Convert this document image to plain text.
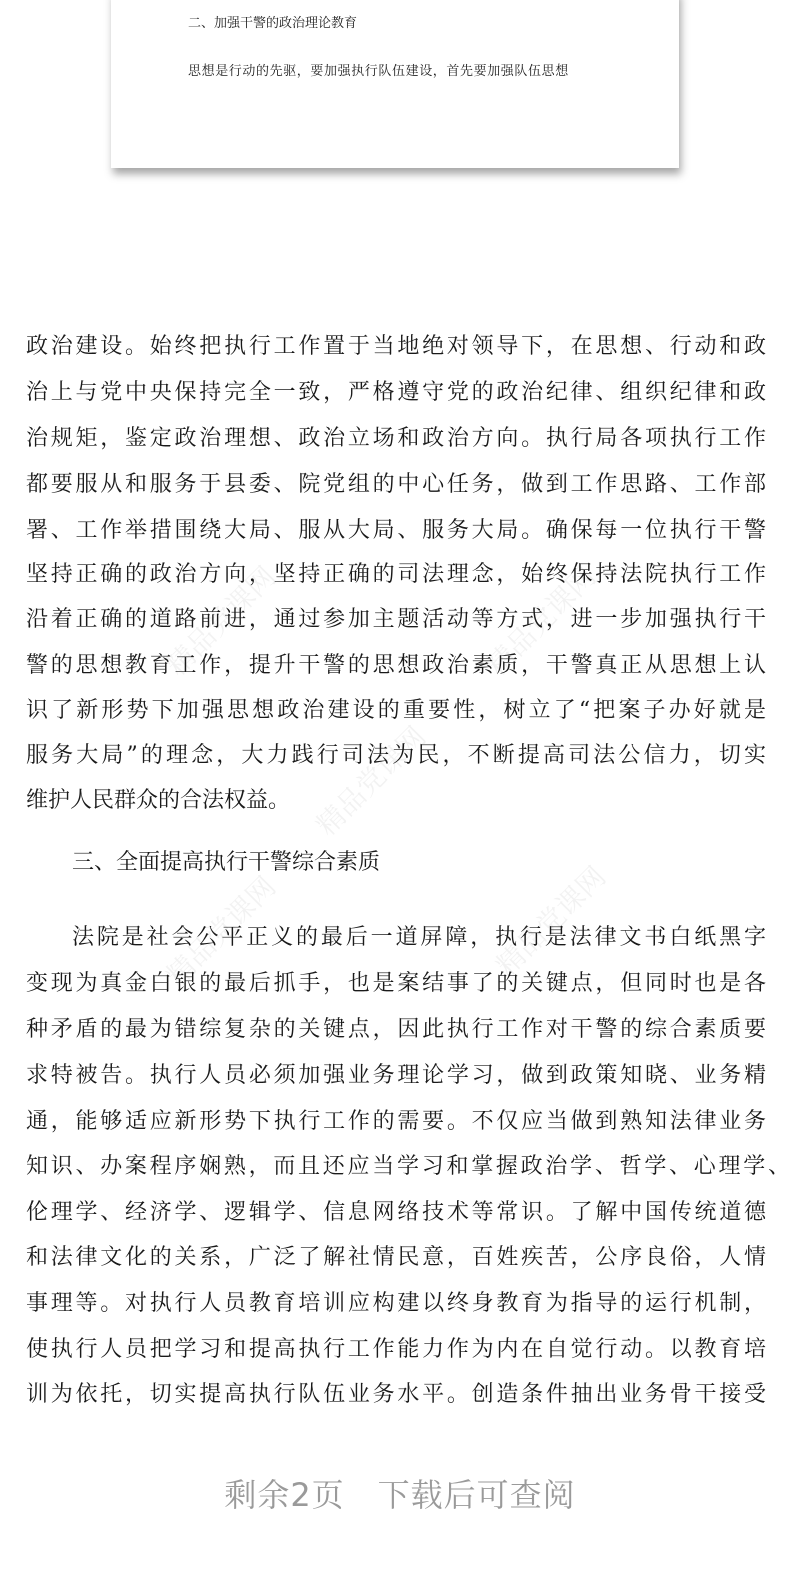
二、加强干警的政治理论教育
思想是行动的先驱，要加强执行队伍建设，首先要加强队伍思想
精品党课网	精品党课网
精品党课网
精品党课网
精品党课网
政治建设。始终把执行工作置于当地绝对领导下，在思想、行动和政
治上与党中央保持完全一致，严格遵守党的政治纪律、组织纪律和政
治规矩，鉴定政治理想、政治立场和政治方向。执行局各项执行工作
都要服从和服务于县委、院党组的中心任务，做到工作思路、工作部
署、工作举措围绕大局、服从大局、服务大局。确保每一位执行干警
坚持正确的政治方向，坚持正确的司法理念，始终保持法院执行工作
沿着正确的道路前进，通过参加主题活动等方式，进一步加强执行干
警的思想教育工作，提升干警的思想政治素质，干警真正从思想上认
识了新形势下加强思想政治建设的重要性，树立了“把案子办好就是
服务大局”的理念，大力践行司法为民，不断提高司法公信力，切实
维护人民群众的合法权益。
三、全面提高执行干警综合素质
法院是社会公平正义的最后一道屏障，执行是法律文书白纸黑字
变现为真金白银的最后抓手，也是案结事了的关键点，但同时也是各
种矛盾的最为错综复杂的关键点，因此执行工作对干警的综合素质要
求特被告。执行人员必须加强业务理论学习，做到政策知晓、业务精
通，能够适应新形势下执行工作的需要。不仅应当做到熟知法律业务
知识、办案程序娴熟，而且还应当学习和掌握政治学、哲学、心理学、
伦理学、经济学、逻辑学、信息网络技术等常识。了解中国传统道德
和法律文化的关系，广泛了解社情民意，百姓疾苦，公序良俗，人情
事理等。对执行人员教育培训应构建以终身教育为指导的运行机制，
使执行人员把学习和提高执行工作能力作为内在自觉行动。以教育培
训为依托，切实提高执行队伍业务水平。创造条件抽出业务骨干接受
剩余2页　下载后可查阅
